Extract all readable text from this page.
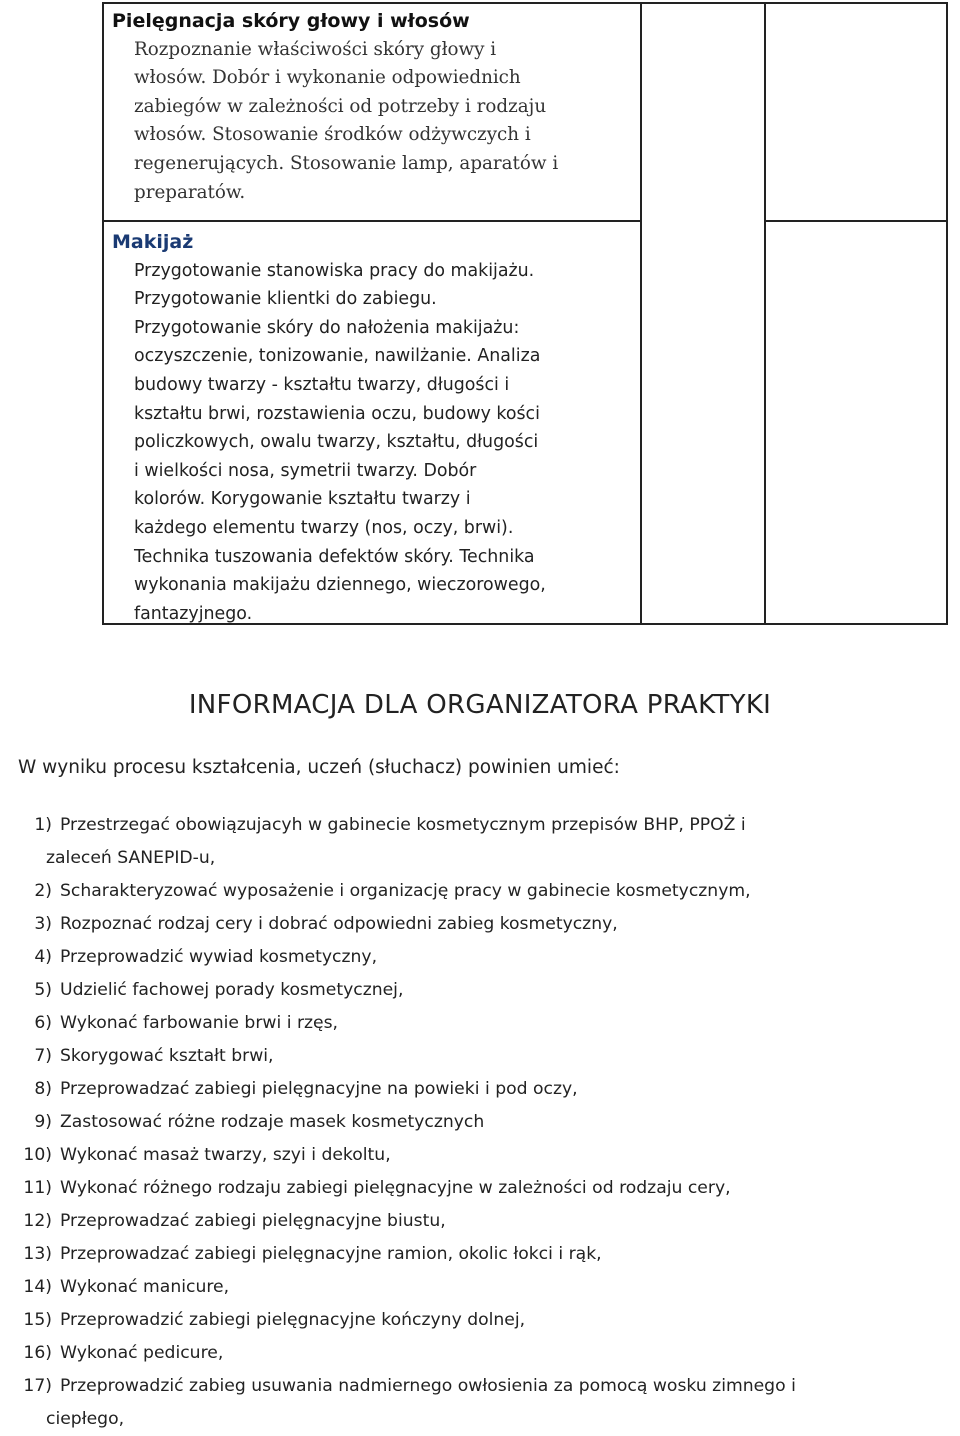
Pielęgnacja skóry głowy i włosów
Rozpoznanie właściwości skóry głowy i
włosów. Dobór i wykonanie odpowiednich
zabiegów w zależności od potrzeby i rodzaju
włosów. Stosowanie środków odżywczych i
regenerujących. Stosowanie lamp, aparatów i
preparatów.
Makijaż
Przygotowanie stanowiska pracy do makijażu.
Przygotowanie klientki do zabiegu.
Przygotowanie skóry do nałożenia makijażu:
oczyszczenie, tonizowanie, nawilżanie. Analiza
budowy twarzy - kształtu twarzy, długości i
kształtu brwi, rozstawienia oczu, budowy kości
policzkowych, owalu twarzy, kształtu, długości
i wielkości nosa, symetrii twarzy. Dobór
kolorów. Korygowanie kształtu twarzy i
każdego elementu twarzy (nos, oczy, brwi).
Technika tuszowania defektów skóry. Technika
wykonania makijażu dziennego, wieczorowego,
fantazyjnego.
INFORMACJA DLA ORGANIZATORA PRAKTYKI
W wyniku procesu kształcenia, uczeń (słuchacz) powinien umieć:
1) Przestrzegać obowiązujacyh w gabinecie kosmetycznym przepisów BHP, PPOŻ i
zaleceń SANEPID-u,
2) Scharakteryzować wyposażenie i organizację pracy w gabinecie kosmetycznym,
3) Rozpoznać rodzaj cery i dobrać odpowiedni zabieg kosmetyczny,
4) Przeprowadzić wywiad kosmetyczny,
5) Udzielić fachowej porady kosmetycznej,
6) Wykonać farbowanie brwi i rzęs,
7) Skorygować kształt brwi,
8) Przeprowadzać zabiegi pielęgnacyjne na powieki i pod oczy,
9) Zastosować różne rodzaje masek kosmetycznych
10) Wykonać masaż twarzy, szyi i dekoltu,
11) Wykonać różnego rodzaju zabiegi pielęgnacyjne w zależności od rodzaju cery,
12) Przeprowadzać zabiegi pielęgnacyjne biustu,
13) Przeprowadzać zabiegi pielęgnacyjne ramion, okolic łokci i rąk,
14) Wykonać manicure,
15) Przeprowadzić zabiegi pielęgnacyjne kończyny dolnej,
16) Wykonać pedicure,
17) Przeprowadzić zabieg usuwania nadmiernego owłosienia za pomocą wosku zimnego i
ciepłego,
